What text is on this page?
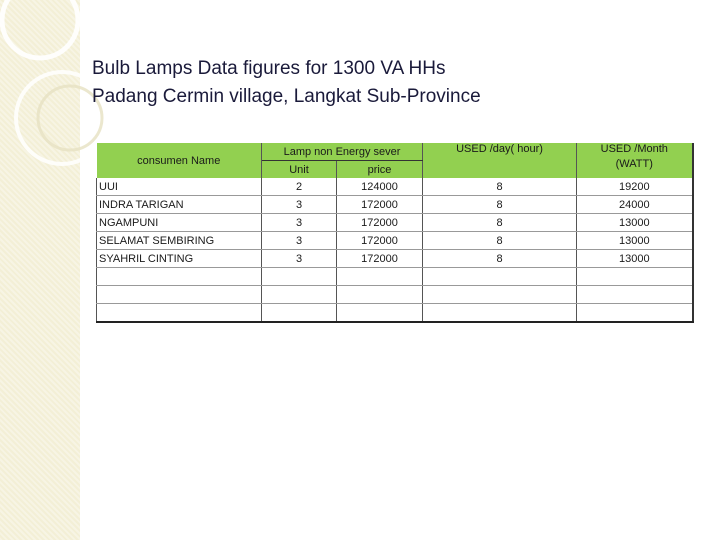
Bulb Lamps Data figures for 1300 VA HHs
Padang Cermin village, Langkat Sub-Province
consumen Name	Lamp non Energy sever		USED /day( hour)	USED /Month
(WATT)

	Unit	price		
UUI	2	124000	8	19200
INDRA TARIGAN	3	172000	8	24000
NGAMPUNI	3	172000	8	13000
SELAMAT SEMBIRING	3	172000	8	13000
SYAHRIL CINTING	3	172000	8	13000
